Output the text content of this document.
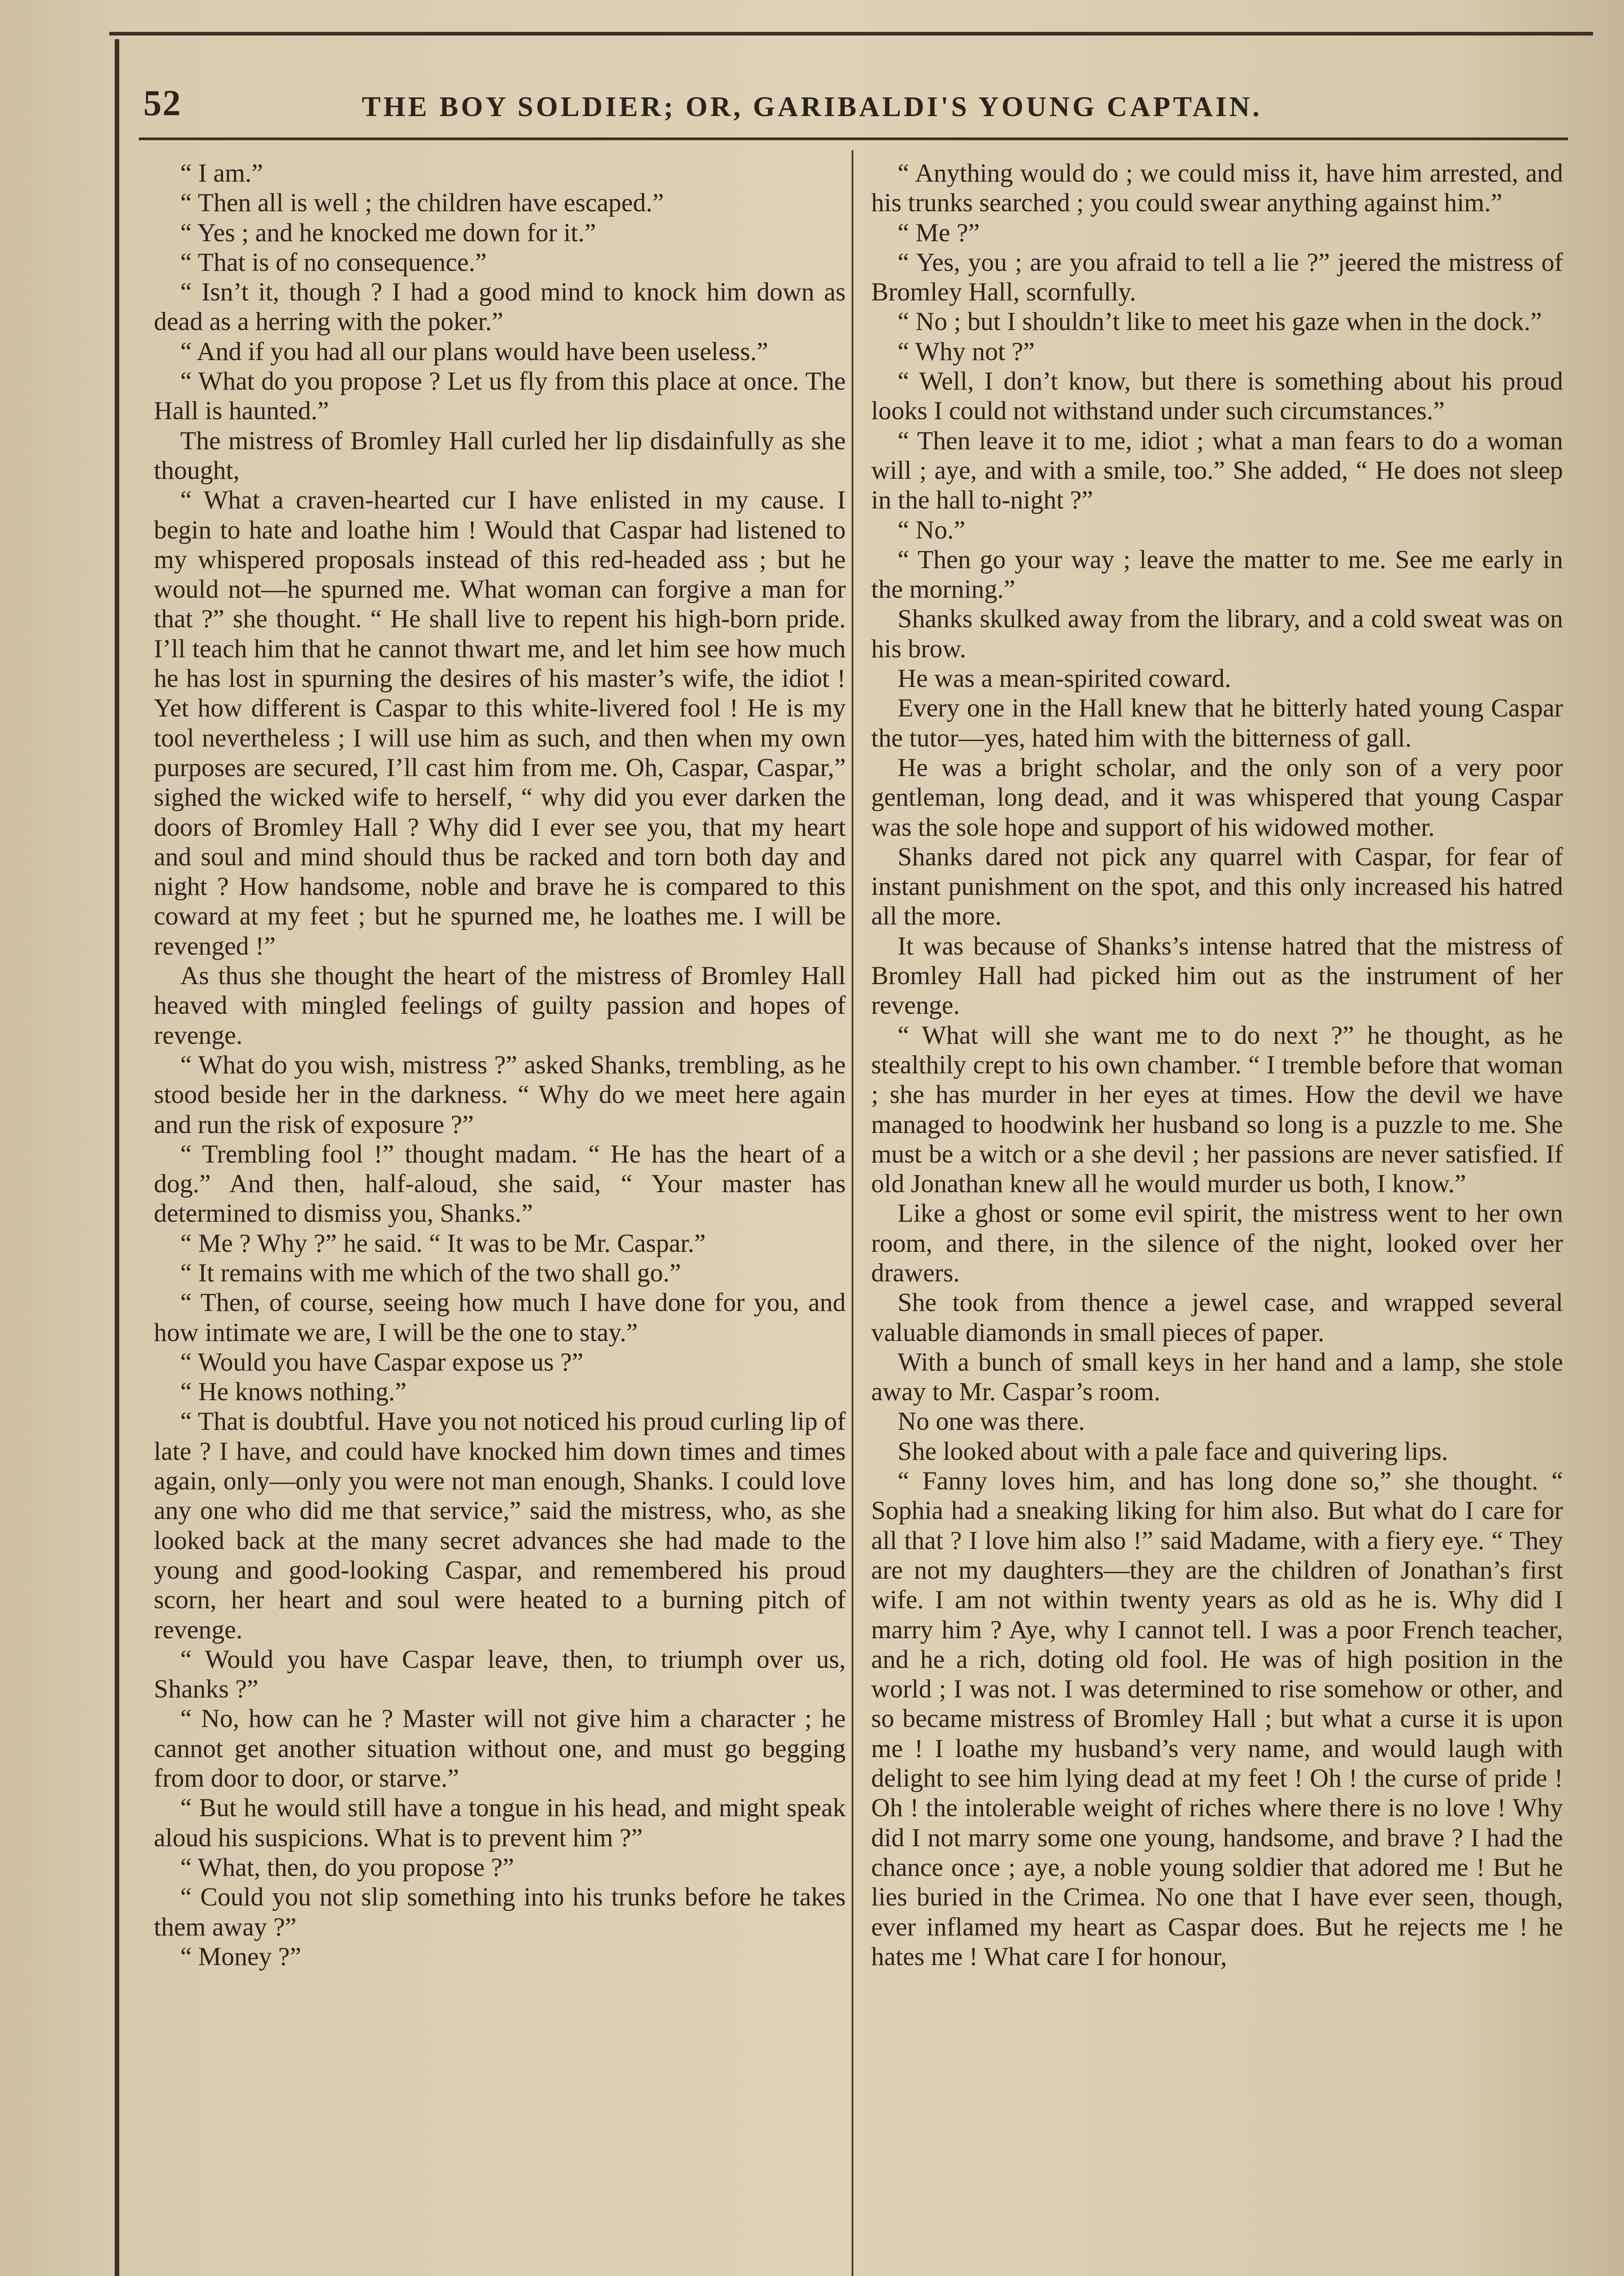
52	THE BOY SOLDIER; OR, GARIBALDI'S YOUNG CAPTAIN.

“ I am.”

“ Then all is well ; the children have escaped.”

“ Yes ; and he knocked me down for it.”

“ That is of no consequence.”

“ Isn’t it, though ? I had a good mind to knock him down as dead as a herring with the poker.”

“ And if you had all our plans would have been useless.”

“ What do you propose ? Let us fly from this place at once. The Hall is haunted.”

The mistress of Bromley Hall curled her lip disdainfully as she thought,

“ What a craven-hearted cur I have enlisted in my cause. I begin to hate and loathe him ! Would that Caspar had listened to my whispered proposals instead of this red-headed ass ; but he would not—he spurned me. What woman can forgive a man for that ?” she thought. “ He shall live to repent his high-born pride. I’ll teach him that he cannot thwart me, and let him see how much he has lost in spurning the desires of his master’s wife, the idiot ! Yet how different is Caspar to this white-livered fool ! He is my tool nevertheless ; I will use him as such, and then when my own purposes are secured, I’ll cast him from me. Oh, Caspar, Caspar,” sighed the wicked wife to herself, “ why did you ever darken the doors of Bromley Hall ? Why did I ever see you, that my heart and soul and mind should thus be racked and torn both day and night ? How handsome, noble and brave he is compared to this coward at my feet ; but he spurned me, he loathes me. I will be revenged !”

As thus she thought the heart of the mistress of Bromley Hall heaved with mingled feelings of guilty passion and hopes of revenge.

“ What do you wish, mistress ?” asked Shanks, trembling, as he stood beside her in the darkness. “ Why do we meet here again and run the risk of exposure ?”

“ Trembling fool !” thought madam. “ He has the heart of a dog.” And then, half-aloud, she said, “ Your master has determined to dismiss you, Shanks.”

“ Me ? Why ?” he said. “ It was to be Mr. Caspar.”

“ It remains with me which of the two shall go.”

“ Then, of course, seeing how much I have done for you, and how intimate we are, I will be the one to stay.”

“ Would you have Caspar expose us ?”

“ He knows nothing.”

“ That is doubtful. Have you not noticed his proud curling lip of late ? I have, and could have knocked him down times and times again, only—only you were not man enough, Shanks. I could love any one who did me that service,” said the mistress, who, as she looked back at the many secret advances she had made to the young and good-looking Caspar, and remembered his proud scorn, her heart and soul were heated to a burning pitch of revenge.

“ Would you have Caspar leave, then, to triumph over us, Shanks ?”

“ No, how can he ? Master will not give him a character ; he cannot get another situation without one, and must go begging from door to door, or starve.”

“ But he would still have a tongue in his head, and might speak aloud his suspicions. What is to prevent him ?”

“ What, then, do you propose ?”

“ Could you not slip something into his trunks before he takes them away ?”

“ Money ?”

“ Anything would do ; we could miss it, have him arrested, and his trunks searched ; you could swear anything against him.”

“ Me ?”

“ Yes, you ; are you afraid to tell a lie ?” jeered the mistress of Bromley Hall, scornfully.

“ No ; but I shouldn’t like to meet his gaze when in the dock.”

“ Why not ?”

“ Well, I don’t know, but there is something about his proud looks I could not withstand under such circumstances.”

“ Then leave it to me, idiot ; what a man fears to do a woman will ; aye, and with a smile, too.” She added, “ He does not sleep in the hall to-night ?”

“ No.”

“ Then go your way ; leave the matter to me. See me early in the morning.”

Shanks skulked away from the library, and a cold sweat was on his brow.

He was a mean-spirited coward.

Every one in the Hall knew that he bitterly hated young Caspar the tutor—yes, hated him with the bitterness of gall.

He was a bright scholar, and the only son of a very poor gentleman, long dead, and it was whispered that young Caspar was the sole hope and support of his widowed mother.

Shanks dared not pick any quarrel with Caspar, for fear of instant punishment on the spot, and this only increased his hatred all the more.

It was because of Shanks’s intense hatred that the mistress of Bromley Hall had picked him out as the instrument of her revenge.

“ What will she want me to do next ?” he thought, as he stealthily crept to his own chamber. “ I tremble before that woman ; she has murder in her eyes at times. How the devil we have managed to hoodwink her husband so long is a puzzle to me. She must be a witch or a she devil ; her passions are never satisfied. If old Jonathan knew all he would murder us both, I know.”

Like a ghost or some evil spirit, the mistress went to her own room, and there, in the silence of the night, looked over her drawers.

She took from thence a jewel case, and wrapped several valuable diamonds in small pieces of paper.

With a bunch of small keys in her hand and a lamp, she stole away to Mr. Caspar’s room.

No one was there.

She looked about with a pale face and quivering lips.

“ Fanny loves him, and has long done so,” she thought. “ Sophia had a sneaking liking for him also. But what do I care for all that ? I love him also !” said Madame, with a fiery eye. “ They are not my daughters—they are the children of Jonathan’s first wife. I am not within twenty years as old as he is. Why did I marry him ? Aye, why I cannot tell. I was a poor French teacher, and he a rich, doting old fool. He was of high position in the world ; I was not. I was determined to rise somehow or other, and so became mistress of Bromley Hall ; but what a curse it is upon me ! I loathe my husband’s very name, and would laugh with delight to see him lying dead at my feet ! Oh ! the curse of pride ! Oh ! the intolerable weight of riches where there is no love ! Why did I not marry some one young, handsome, and brave ? I had the chance once ; aye, a noble young soldier that adored me ! But he lies buried in the Crimea. No one that I have ever seen, though, ever inflamed my heart as Caspar does. But he rejects me ! he hates me ! What care I for honour,
